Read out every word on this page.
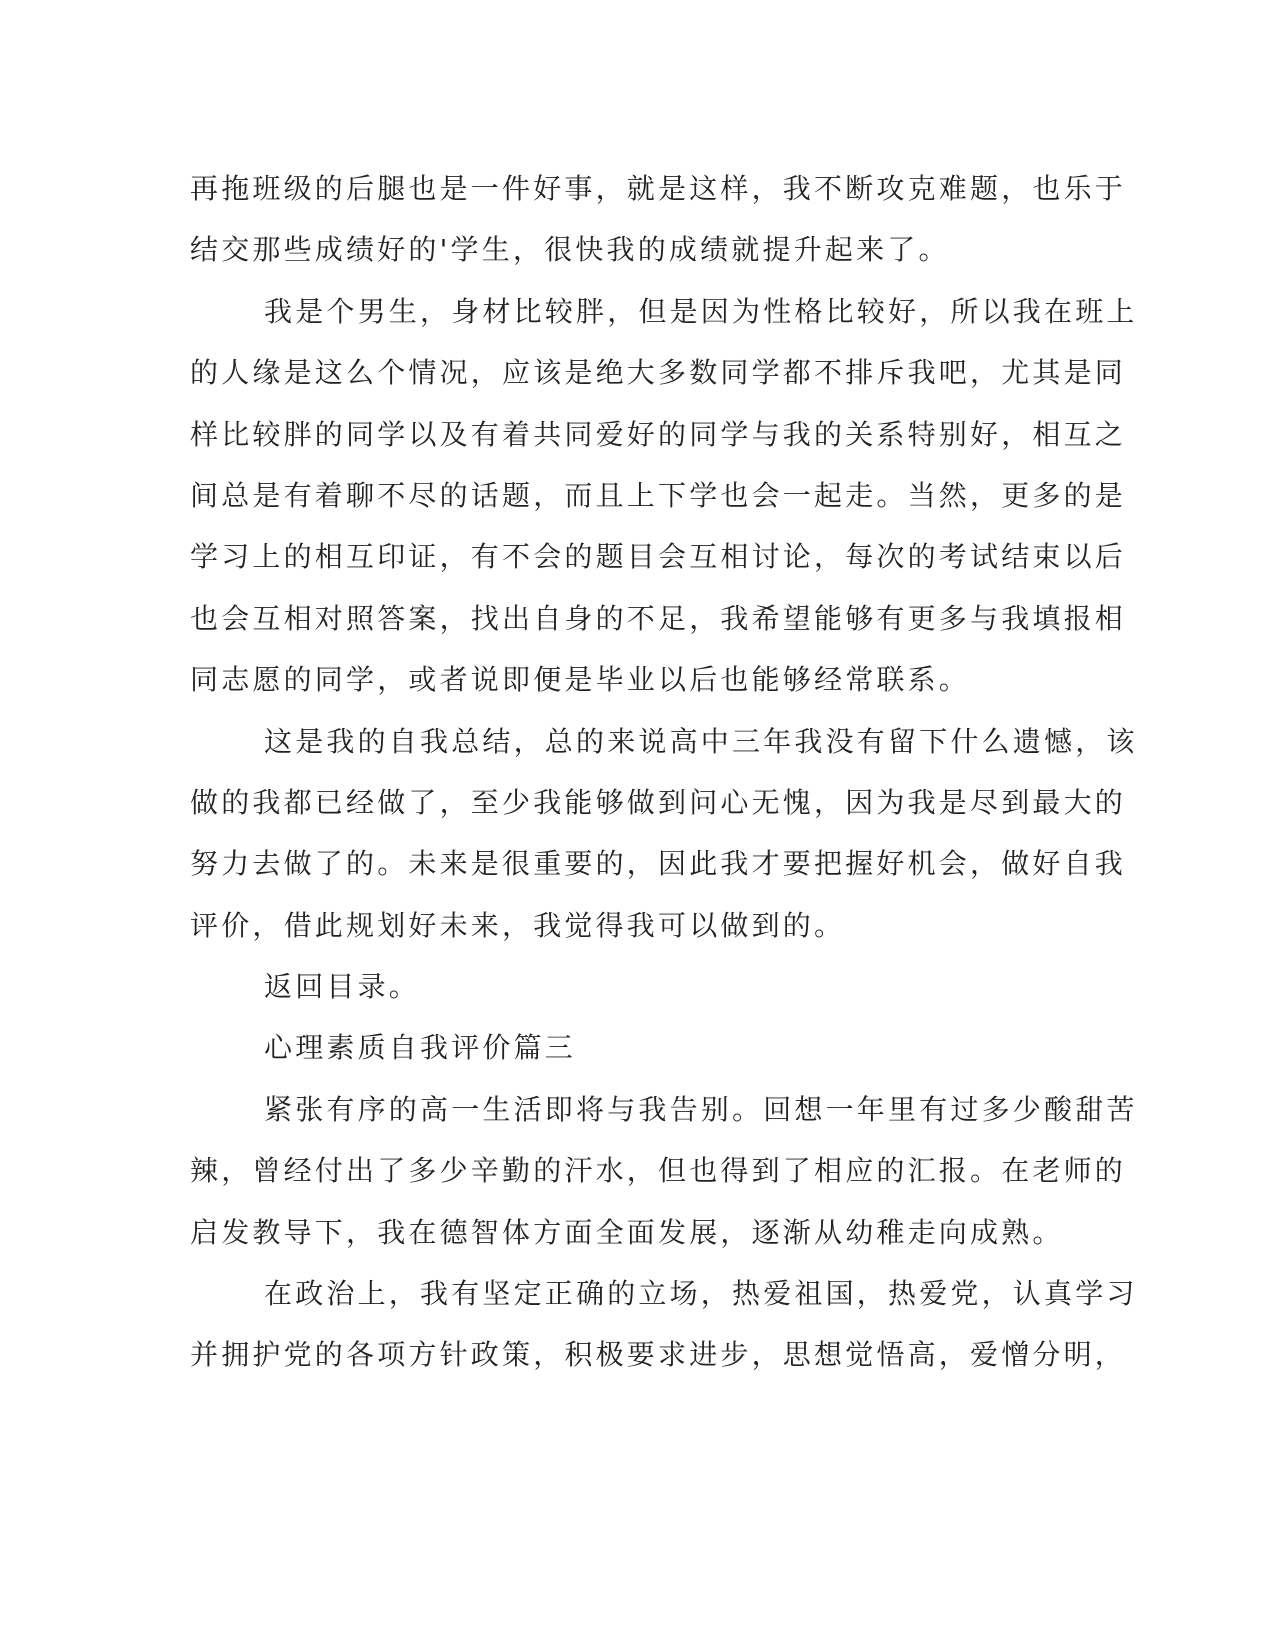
再拖班级的后腿也是一件好事，就是这样，我不断攻克难题，也乐于
结交那些成绩好的'学生，很快我的成绩就提升起来了。
我是个男生，身材比较胖，但是因为性格比较好，所以我在班上
的人缘是这么个情况，应该是绝大多数同学都不排斥我吧，尤其是同
样比较胖的同学以及有着共同爱好的同学与我的关系特别好，相互之
间总是有着聊不尽的话题，而且上下学也会一起走。当然，更多的是
学习上的相互印证，有不会的题目会互相讨论，每次的考试结束以后
也会互相对照答案，找出自身的不足，我希望能够有更多与我填报相
同志愿的同学，或者说即便是毕业以后也能够经常联系。
这是我的自我总结，总的来说高中三年我没有留下什么遗憾，该
做的我都已经做了，至少我能够做到问心无愧，因为我是尽到最大的
努力去做了的。未来是很重要的，因此我才要把握好机会，做好自我
评价，借此规划好未来，我觉得我可以做到的。
返回目录。
心理素质自我评价篇三
紧张有序的高一生活即将与我告别。回想一年里有过多少酸甜苦
辣，曾经付出了多少辛勤的汗水，但也得到了相应的汇报。在老师的
启发教导下，我在德智体方面全面发展，逐渐从幼稚走向成熟。
在政治上，我有坚定正确的立场，热爱祖国，热爱党，认真学习
并拥护党的各项方针政策，积极要求进步，思想觉悟高，爱憎分明，
